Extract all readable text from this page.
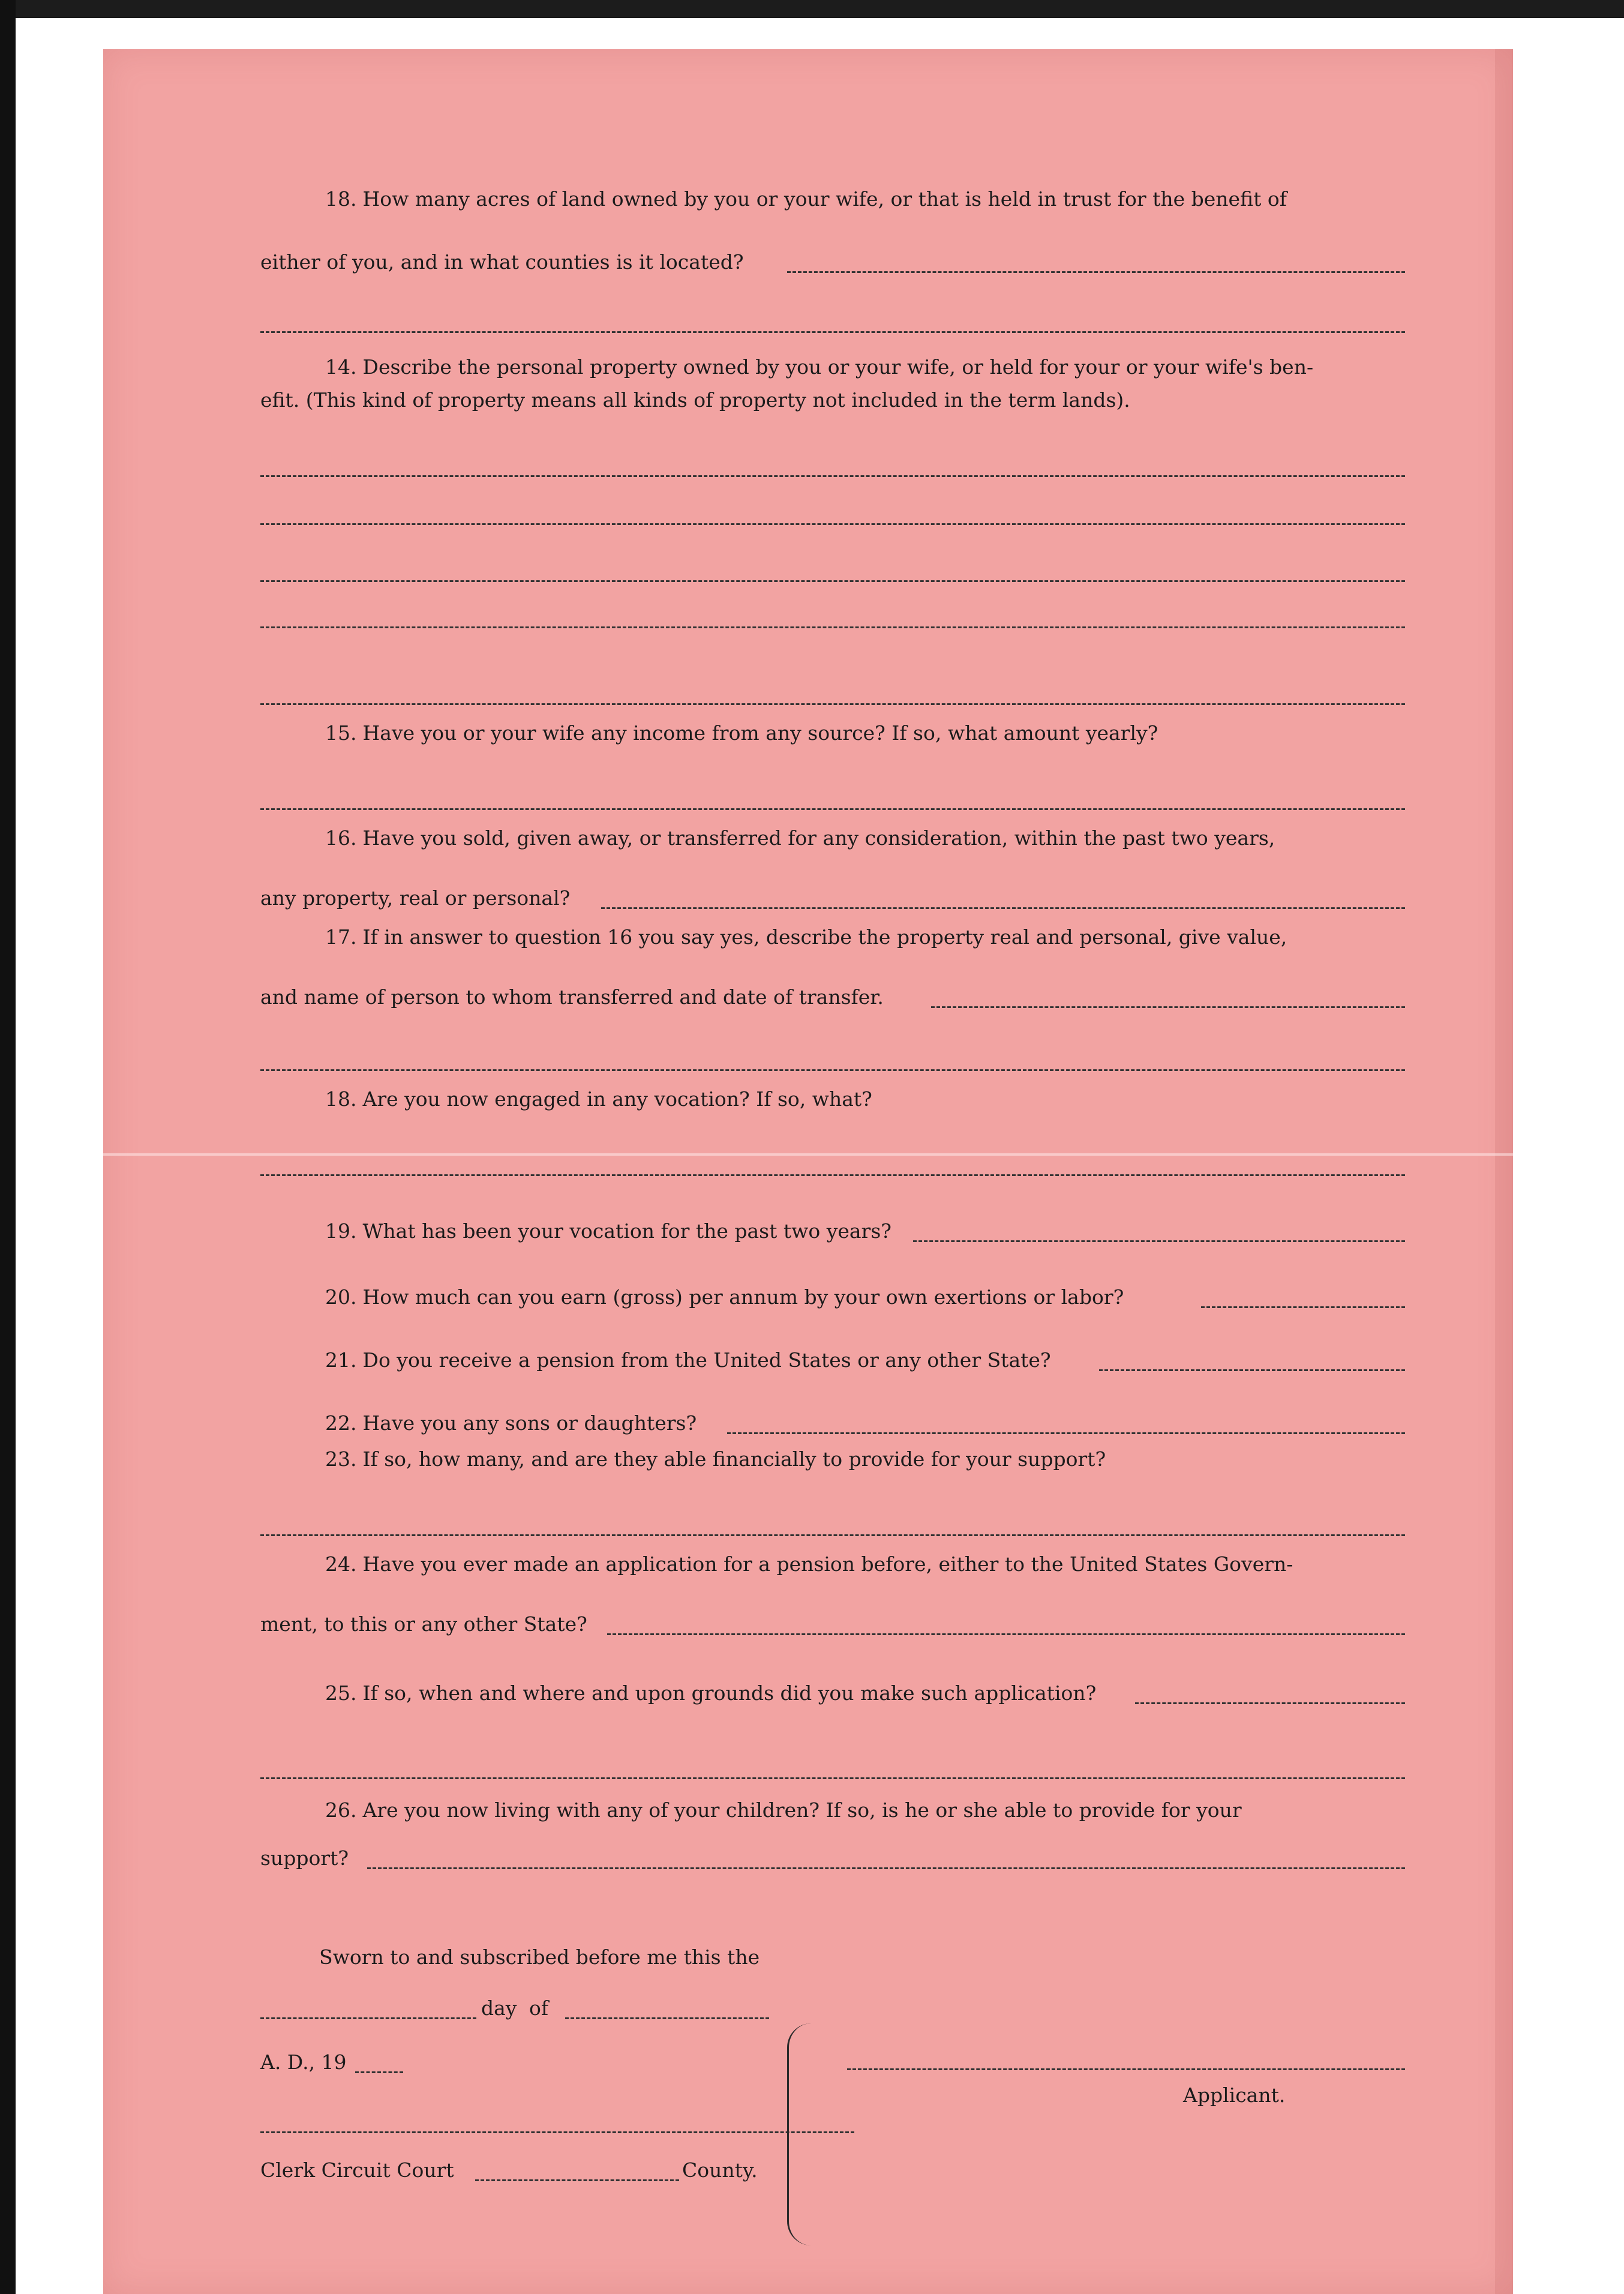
18. How many acres of land owned by you or your wife, or that is held in trust for the benefit of
either of you, and in what counties is it located?
14. Describe the personal property owned by you or your wife, or held for your or your wife's ben-
efit. (This kind of property means all kinds of property not included in the term lands).
15. Have you or your wife any income from any source? If so, what amount yearly?
16. Have you sold, given away, or transferred for any consideration, within the past two years,
any property, real or personal?
17. If in answer to question 16 you say yes, describe the property real and personal, give value,
and name of person to whom transferred and date of transfer.
18. Are you now engaged in any vocation? If so, what?
19. What has been your vocation for the past two years?
20. How much can you earn (gross) per annum by your own exertions or labor?
21. Do you receive a pension from the United States or any other State?
22. Have you any sons or daughters?
23. If so, how many, and are they able financially to provide for your support?
24. Have you ever made an application for a pension before, either to the United States Govern-
ment, to this or any other State?
25. If so, when and where and upon grounds did you make such application?
26. Are you now living with any of your children? If so, is he or she able to provide for your
support?
Sworn to and subscribed before me this the
day of
A. D., 19
Clerk Circuit Court	County.
Applicant.
